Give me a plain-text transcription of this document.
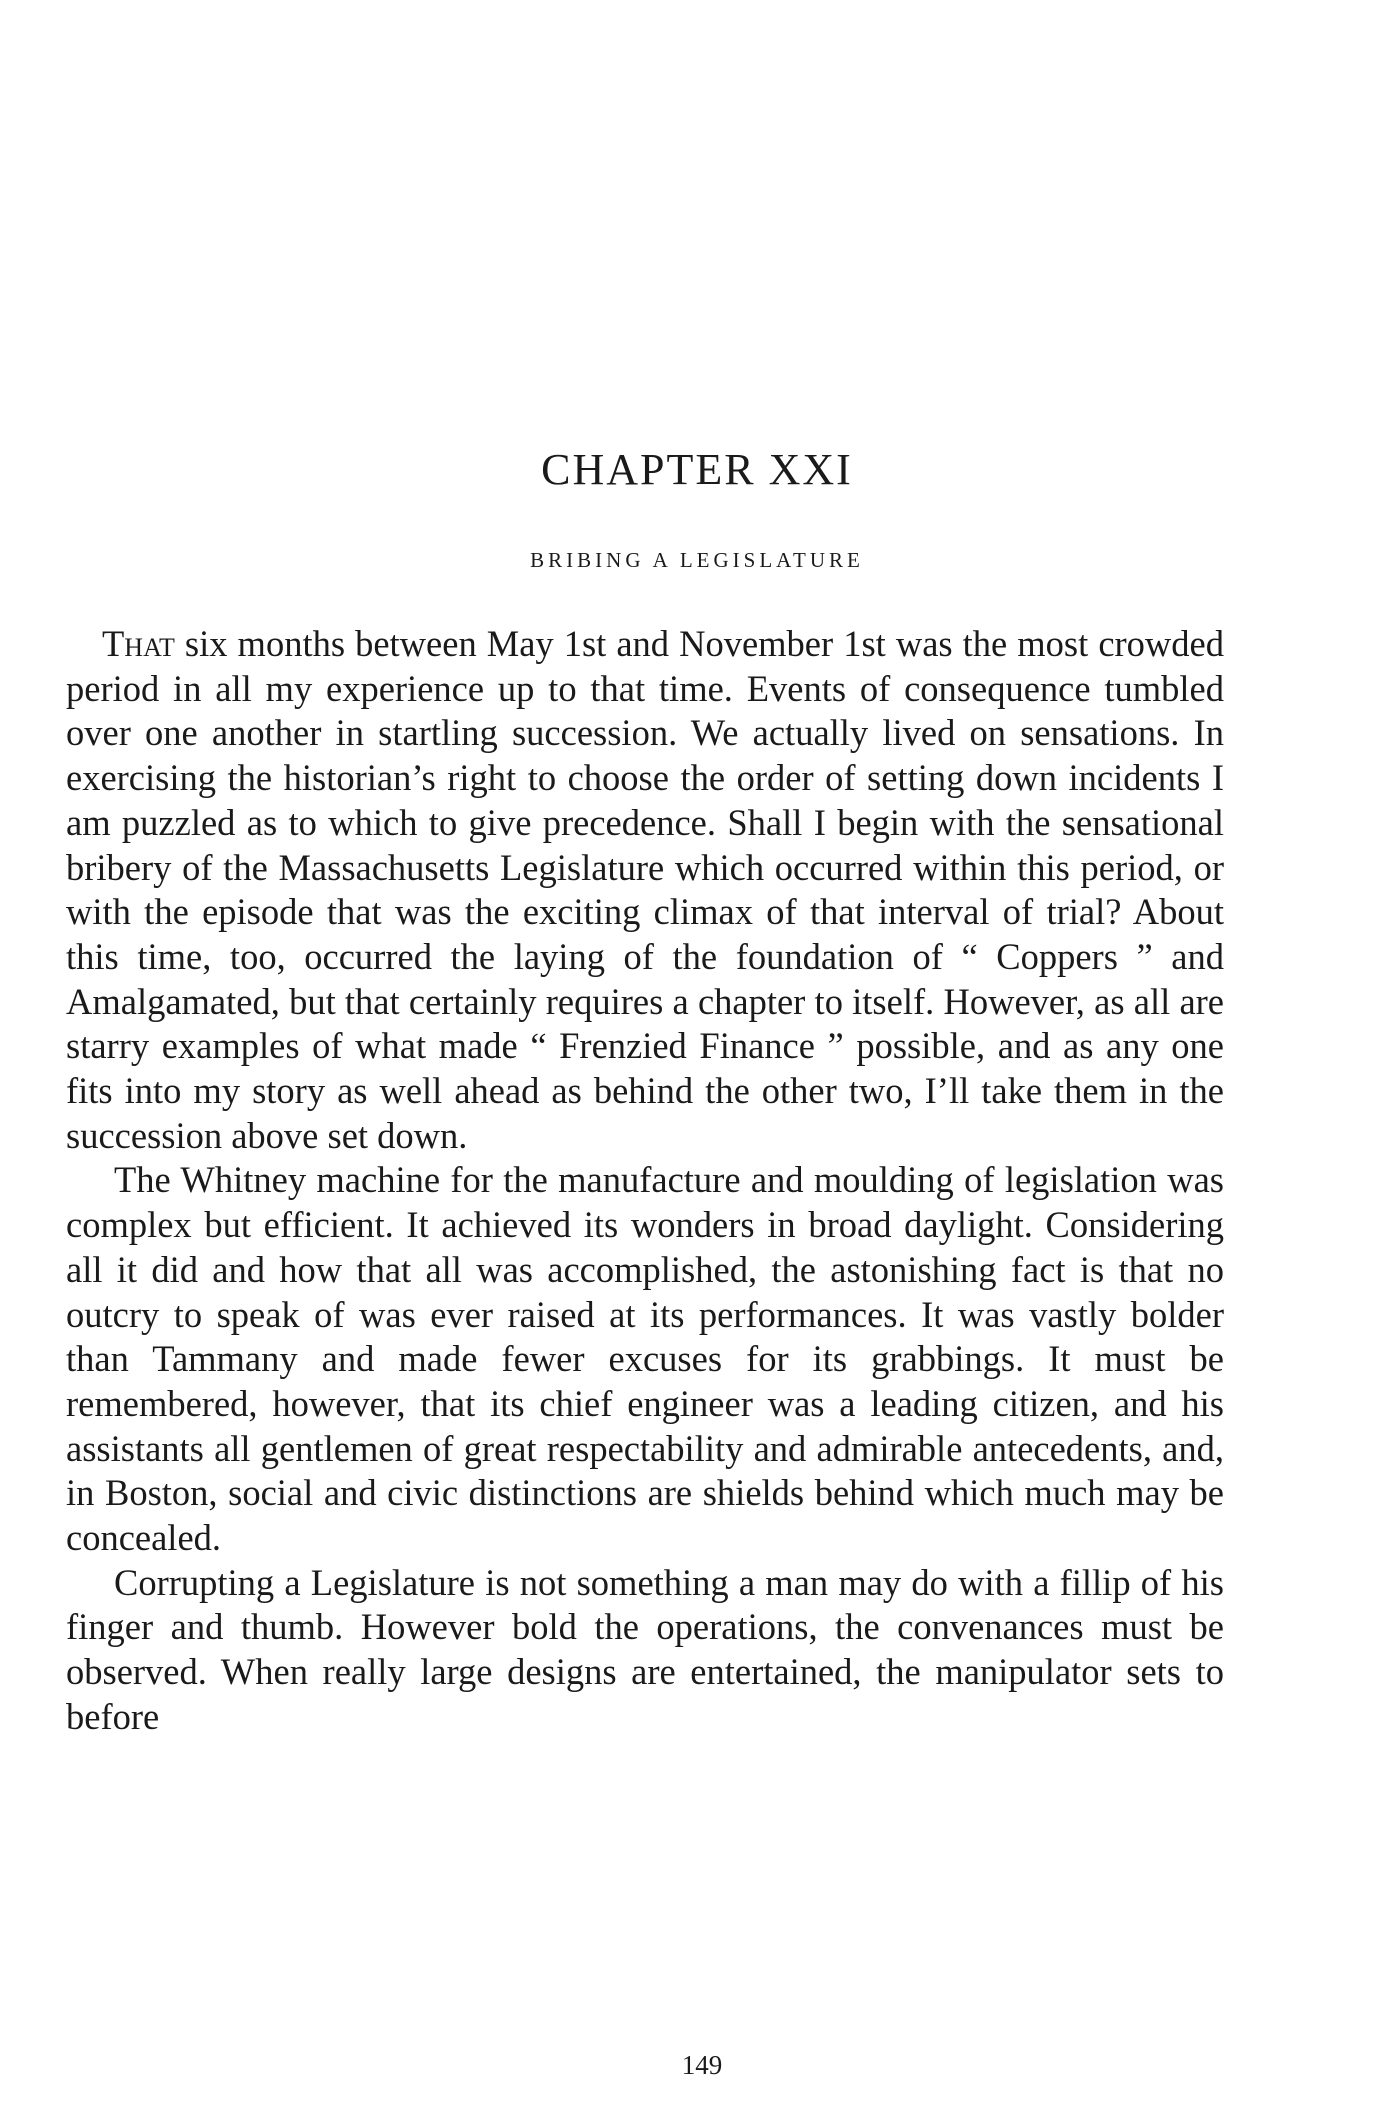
CHAPTER XXI
BRIBING A LEGISLATURE

That six months between May 1st and November 1st was the most crowded period in all my experience up to that time. Events of consequence tumbled over one another in startling succession. We actually lived on sensations. In exercising the historian’s right to choose the order of setting down incidents I am puzzled as to which to give precedence. Shall I begin with the sensational bribery of the Massachusetts Legislature which occurred within this period, or with the episode that was the exciting climax of that interval of trial? About this time, too, occurred the laying of the foundation of “ Coppers ” and Amalgamated, but that certainly requires a chapter to itself. However, as all are starry examples of what made “ Frenzied Finance ” possible, and as any one fits into my story as well ahead as behind the other two, I’ll take them in the succession above set down.

The Whitney machine for the manufacture and moulding of legislation was complex but efficient. It achieved its wonders in broad daylight. Considering all it did and how that all was accomplished, the astonishing fact is that no outcry to speak of was ever raised at its performances. It was vastly bolder than Tammany and made fewer excuses for its grabbings. It must be remembered, however, that its chief engineer was a leading citizen, and his assistants all gentlemen of great respectability and admirable antecedents, and, in Boston, social and civic distinctions are shields behind which much may be concealed.

Corrupting a Legislature is not something a man may do with a fillip of his finger and thumb. However bold the operations, the convenances must be observed. When really large designs are entertained, the manipulator sets to before

149
